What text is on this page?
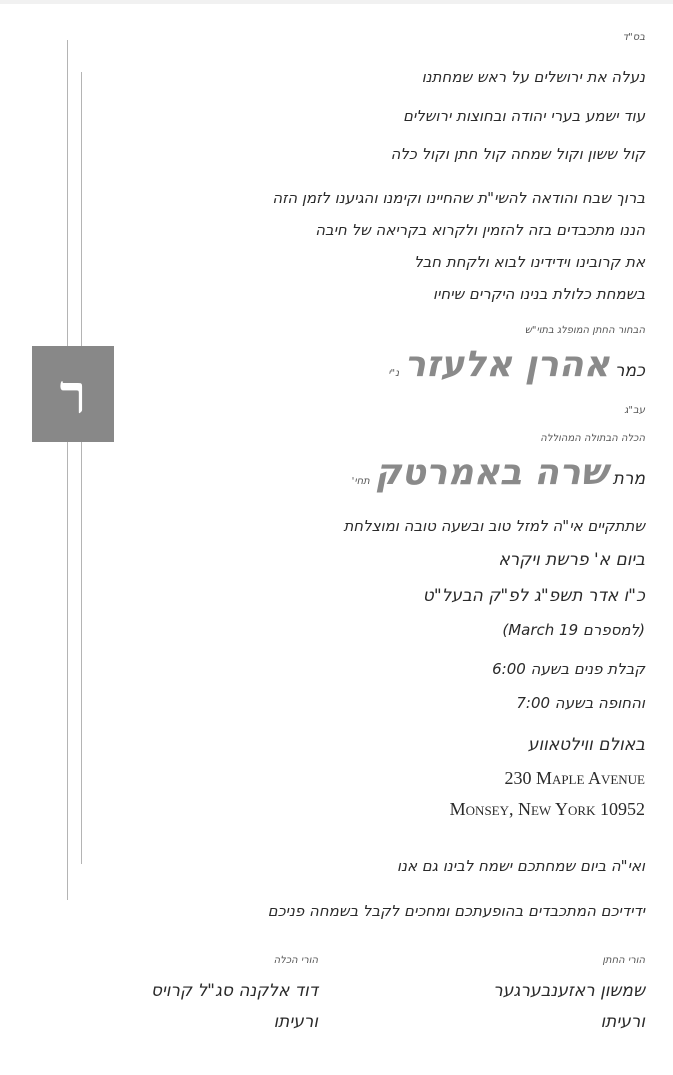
ר
בס"ד
נעלה את ירושלים על ראש שמחתנו
עוד ישמע בערי יהודה ובחוצות ירושלים
קול ששון וקול שמחה קול חתן וקול כלה
ברוך שבח והודאה להשי"ת שהחיינו וקימנו והגיענו לזמן הזה
הננו מתכבדים בזה להזמין ולקרוא בקריאה של חיבה
את קרובינו וידידינו לבוא ולקחת חבל
בשמחת כלולת בנינו היקרים שיחיו
הבחור החתן המופלג בתוי"ש
כמר אהרן אלעזר נ"י
עב"ג
הכלה הבתולה המהוללה
מרת שרה באמרטק תחי'
שתתקיים אי"ה למזל טוב ובשעה טובה ומוצלחת
ביום א' פרשת ויקרא
כ"ו אדר תשפ"ג לפ"ק הבעל"ט
(למספרם March 19)
קבלת פנים בשעה 6:00
והחופה בשעה 7:00
באולם ווילטאווע
230 Maple Avenue
Monsey, New York 10952
ואי"ה ביום שמחתכם ישמח לבינו גם אנו
ידידיכם המתכבדים בהופעתכם ומחכים לקבל בשמחה פניכם
הורי החתן
שמשון ראזענבערגער
ורעיתו
הורי הכלה
דוד אלקנה סג"ל קרויס
ורעיתו
